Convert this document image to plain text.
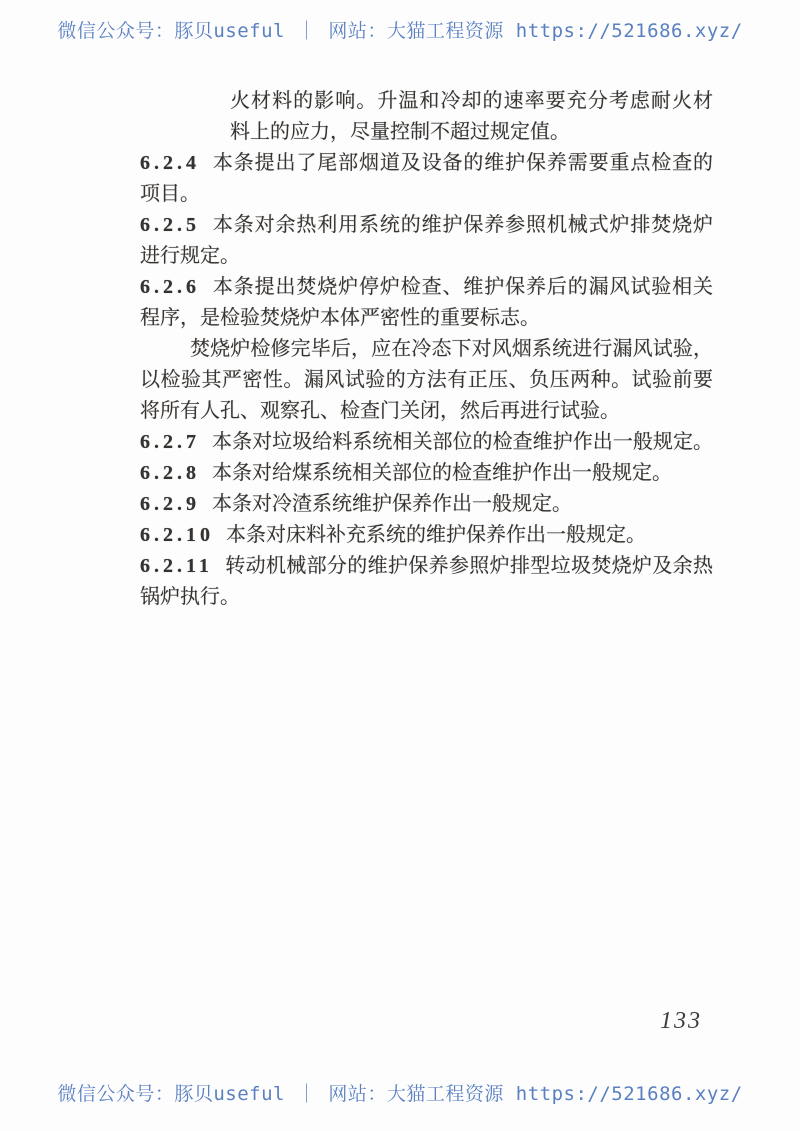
微信公众号：豚贝useful ｜ 网站：大猫工程资源 https://521686.xyz/
火材料的影响。升温和冷却的速率要充分考虑耐火材
料上的应力，尽量控制不超过规定值。
6.2.4 本条提出了尾部烟道及设备的维护保养需要重点检查的
项目。
6.2.5 本条对余热利用系统的维护保养参照机械式炉排焚烧炉
进行规定。
6.2.6 本条提出焚烧炉停炉检查、维护保养后的漏风试验相关
程序，是检验焚烧炉本体严密性的重要标志。
焚烧炉检修完毕后，应在冷态下对风烟系统进行漏风试验，
以检验其严密性。漏风试验的方法有正压、负压两种。试验前要
将所有人孔、观察孔、检查门关闭，然后再进行试验。
6.2.7 本条对垃圾给料系统相关部位的检查维护作出一般规定。
6.2.8 本条对给煤系统相关部位的检查维护作出一般规定。
6.2.9 本条对冷渣系统维护保养作出一般规定。
6.2.10 本条对床料补充系统的维护保养作出一般规定。
6.2.11 转动机械部分的维护保养参照炉排型垃圾焚烧炉及余热
锅炉执行。
133
微信公众号：豚贝useful ｜ 网站：大猫工程资源 https://521686.xyz/
